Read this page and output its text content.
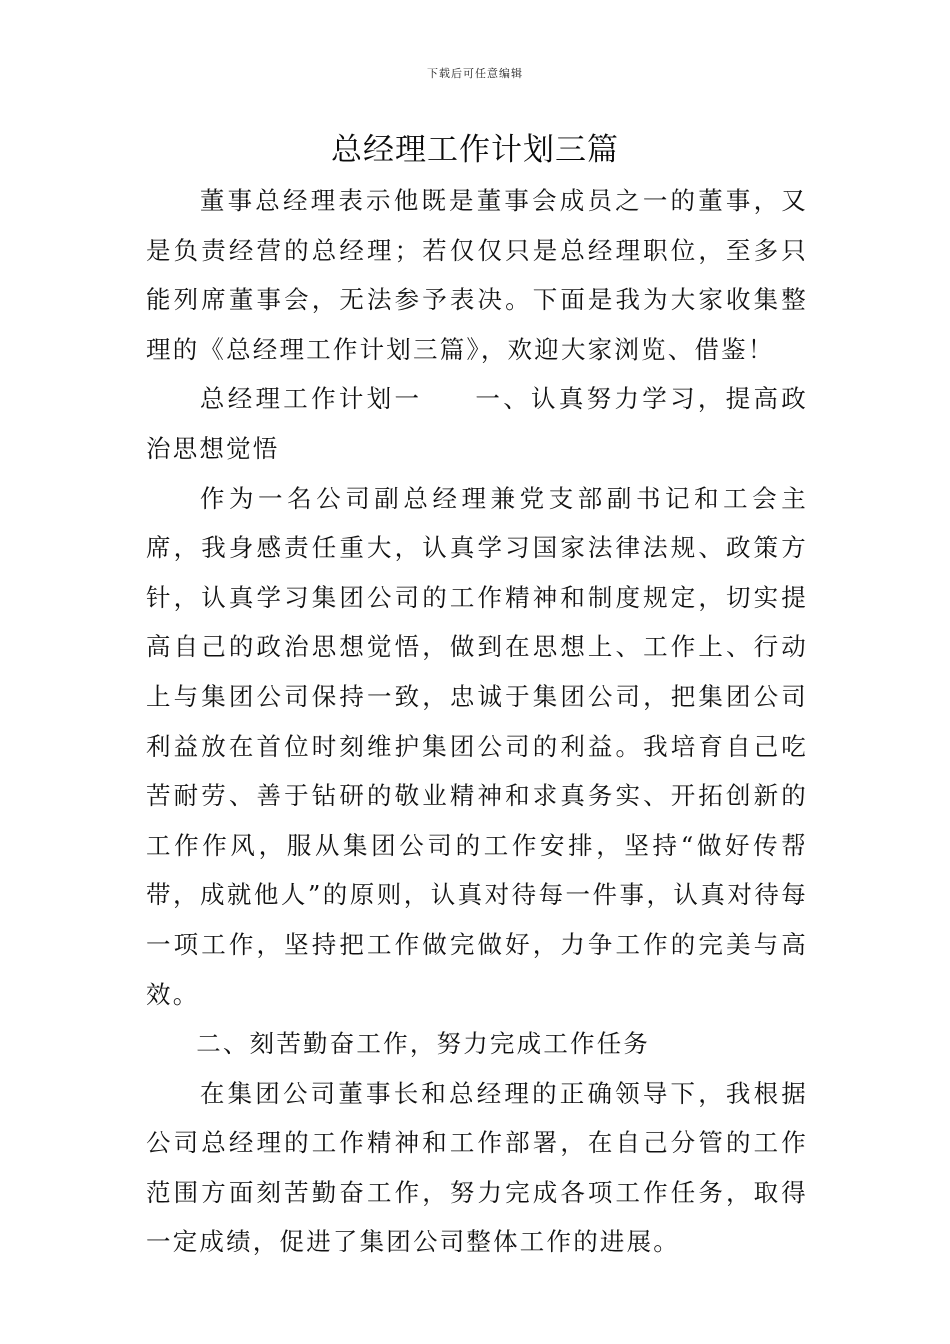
下载后可任意编辑
总经理工作计划三篇

董事总经理表示他既是董事会成员之一的董事，又是负责经营的总经理；若仅仅只是总经理职位，至多只能列席董事会，无法参予表决。下面是我为大家收集整理的《总经理工作计划三篇》，欢迎大家浏览、借鉴！

总经理工作计划一 一、认真努力学习，提高政治思想觉悟

作为一名公司副总经理兼党支部副书记和工会主席，我身感责任重大，认真学习国家法律法规、政策方针，认真学习集团公司的工作精神和制度规定，切实提高自己的政治思想觉悟，做到在思想上、工作上、行动上与集团公司保持一致，忠诚于集团公司，把集团公司利益放在首位时刻维护集团公司的利益。我培育自己吃苦耐劳、善于钻研的敬业精神和求真务实、开拓创新的工作作风，服从集团公司的工作安排，坚持“做好传帮带，成就他人”的原则，认真对待每一件事，认真对待每一项工作，坚持把工作做完做好，力争工作的完美与高效。

二、刻苦勤奋工作，努力完成工作任务

在集团公司董事长和总经理的正确领导下，我根据公司总经理的工作精神和工作部署，在自己分管的工作范围方面刻苦勤奋工作，努力完成各项工作任务，取得一定成绩，促进了集团公司整体工作的进展。
